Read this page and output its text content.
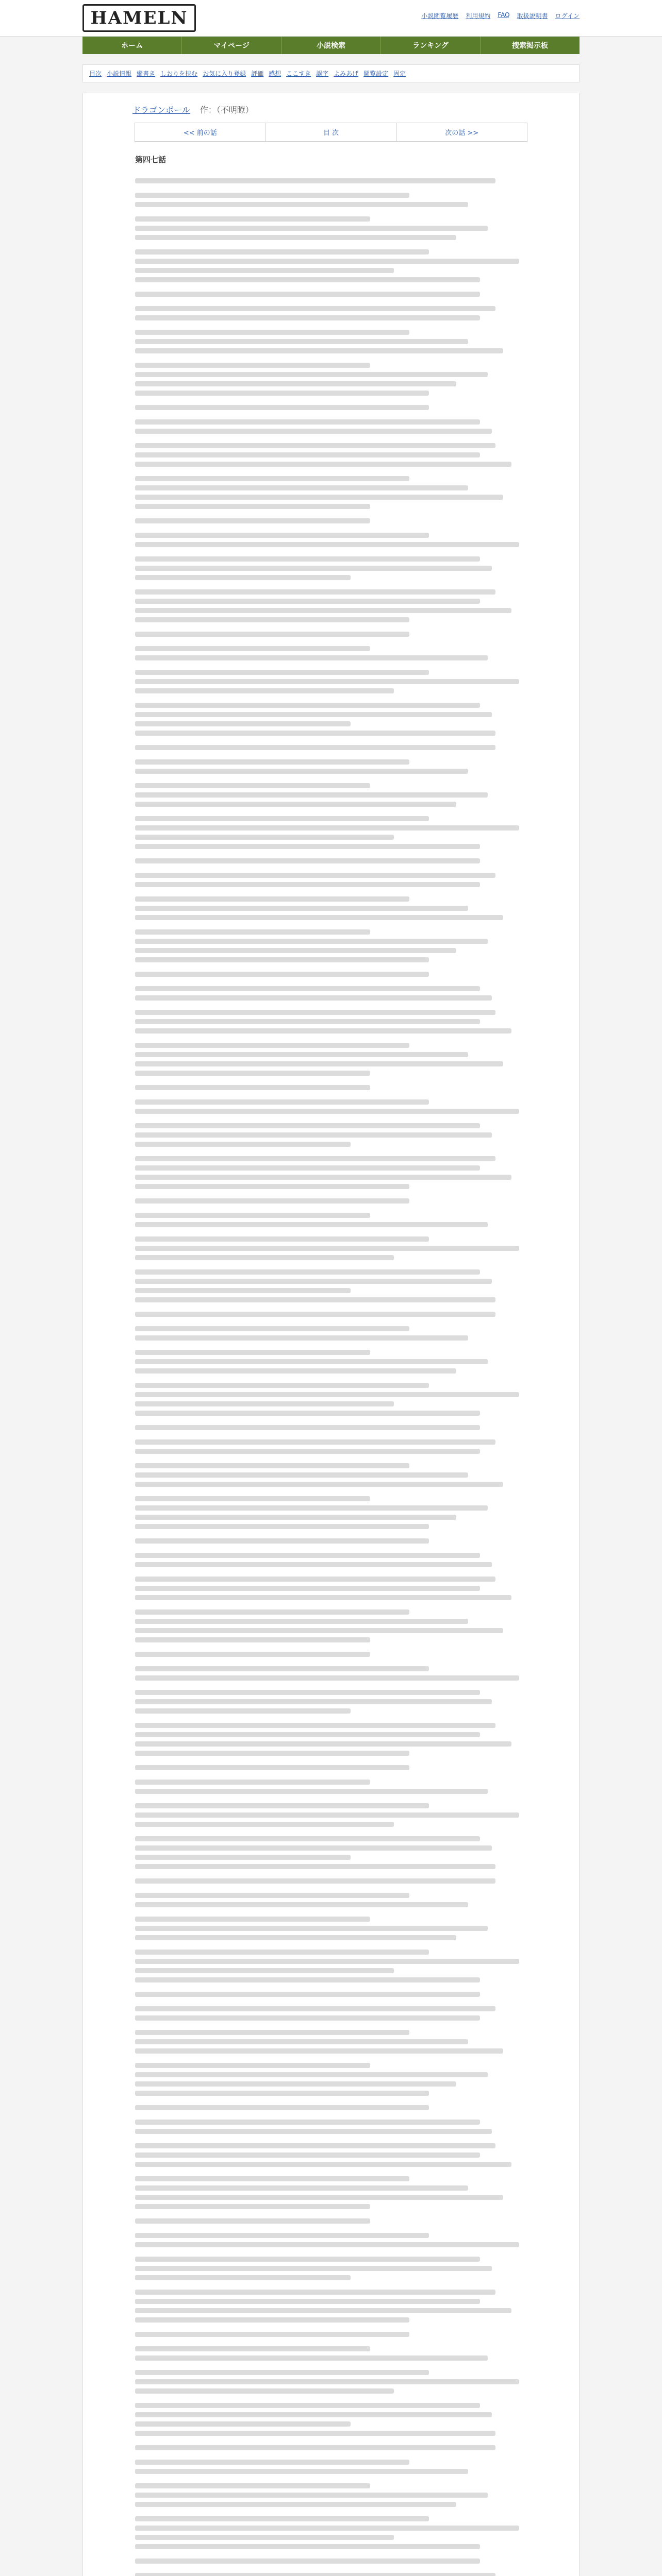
HAMELN	小説閲覧履歴 利用規約 FAQ 取扱説明書 ログイン
ホーム	マイページ	小説検索	ランキング	捜索掲示板
目次 小説情報 縦書き しおりを挟む お気に入り登録 評価 感想 ここすき 誤字 よみあげ 閲覧設定 固定
ドラゴンボール 作：（不明瞭）
<< 前の話	目 次	次の話 >>
第四七話
